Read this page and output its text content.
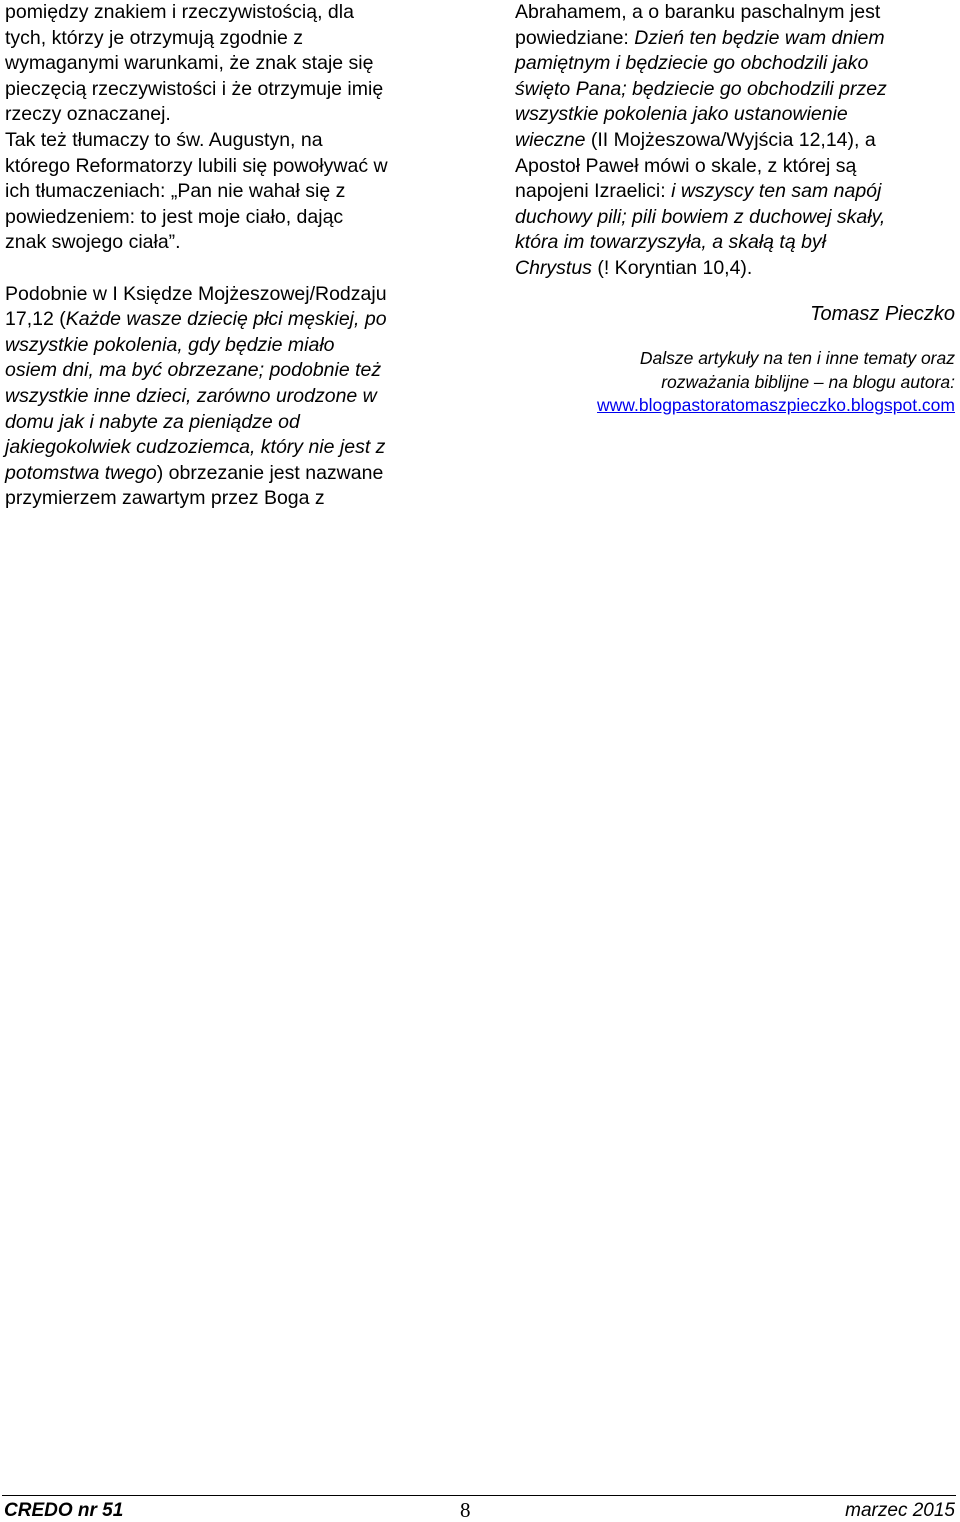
pomiędzy znakiem i rzeczywistością, dla
tych, którzy je otrzymują zgodnie z
wymaganymi warunkami, że znak staje się
pieczęcią rzeczywistości i że otrzymuje imię
rzeczy oznaczanej.
Tak też tłumaczy to św. Augustyn, na
którego Reformatorzy lubili się powoływać w
ich tłumaczeniach: „Pan nie wahał się z
powiedzeniem: to jest moje ciało, dając
znak swojego ciała”.
Podobnie w I Księdze Mojżeszowej/Rodzaju
17,12 (Każde wasze dziecię płci męskiej, po
wszystkie pokolenia, gdy będzie miało
osiem dni, ma być obrzezane; podobnie też
wszystkie inne dzieci, zarówno urodzone w
domu jak i nabyte za pieniądze od
jakiegokolwiek cudzoziemca, który nie jest z
potomstwa twego) obrzezanie jest nazwane
przymierzem zawartym przez Boga z
Abrahamem, a o baranku paschalnym jest
powiedziane: Dzień ten będzie wam dniem
pamiętnym i będziecie go obchodzili jako
święto Pana; będziecie go obchodzili przez
wszystkie pokolenia jako ustanowienie
wieczne (II Mojżeszowa/Wyjścia 12,14), a
Apostoł Paweł mówi o skale, z której są
napojeni Izraelici: i wszyscy ten sam napój
duchowy pili; pili bowiem z duchowej skały,
która im towarzyszyła, a skałą tą był
Chrystus (! Koryntian 10,4).
Tomasz Pieczko
Dalsze artykuły na ten i inne tematy oraz
rozważania biblijne – na blogu autora:
www.blogpastoratomaszpieczko.blogspot.com
CREDO nr 51	8	marzec 2015
